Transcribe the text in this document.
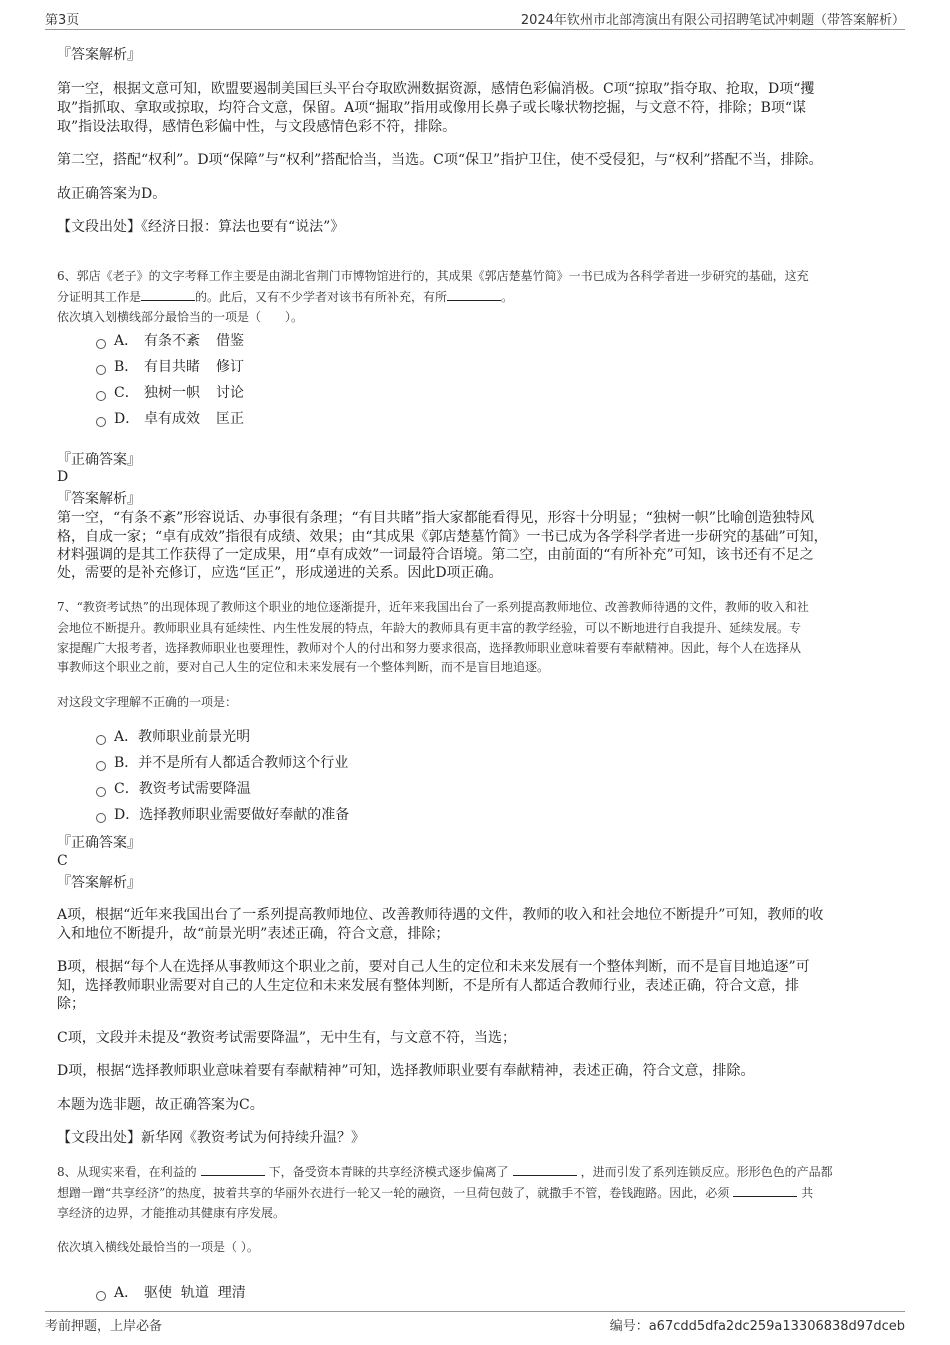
第3页	2024年钦州市北部湾演出有限公司招聘笔试冲刺题（带答案解析）
『答案解析』
第一空，根据文意可知，欧盟要遏制美国巨头平台夺取欧洲数据资源，感情色彩偏消极。C项“掠取”指夺取、抢取，D项“攫
取”指抓取、拿取或掠取，均符合文意，保留。A项“掘取”指用或像用长鼻子或长喙状物挖掘，与文意不符，排除；B项“谋
取”指设法取得，感情色彩偏中性，与文段感情色彩不符，排除。
第二空，搭配“权利”。D项“保障”与“权利”搭配恰当，当选。C项“保卫”指护卫住，使不受侵犯，与“权利”搭配不当，排除。
故正确答案为D。
【文段出处】《经济日报：算法也要有“说法”》
6、郭店《老子》的文字考释工作主要是由湖北省荆门市博物馆进行的，其成果《郭店楚墓竹简》一书已成为各科学者进一步研究的基础，这充
分证明其工作是	的。此后，又有不少学者对该书有所补充，有所	。
依次填入划横线部分最恰当的一项是（　　）。
A． 有条不紊 借鉴
B． 有目共睹 修订
C． 独树一帜 讨论
D． 卓有成效 匡正
『正确答案』
D
『答案解析』
第一空，“有条不紊”形容说话、办事很有条理；“有目共睹”指大家都能看得见，形容十分明显；“独树一帜”比喻创造独特风
格，自成一家；“卓有成效”指很有成绩、效果；由“其成果《郭店楚墓竹简》一书已成为各学科学者进一步研究的基础”可知，
材料强调的是其工作获得了一定成果，用“卓有成效”一词最符合语境。第二空，由前面的“有所补充”可知，该书还有不足之
处，需要的是补充修订，应选“匡正”，形成递进的关系。因此D项正确。
7、“教资考试热”的出现体现了教师这个职业的地位逐渐提升，近年来我国出台了一系列提高教师地位、改善教师待遇的文件，教师的收入和社
会地位不断提升。教师职业具有延续性、内生性发展的特点，年龄大的教师具有更丰富的教学经验，可以不断地进行自我提升、延续发展。专
家提醒广大报考者，选择教师职业也要理性，教师对个人的付出和努力要求很高，选择教师职业意味着要有奉献精神。因此，每个人在选择从
事教师这个职业之前，要对自己人生的定位和未来发展有一个整体判断，而不是盲目地追逐。
对这段文字理解不正确的一项是：
A． 教师职业前景光明
B． 并不是所有人都适合教师这个行业
C． 教资考试需要降温
D． 选择教师职业需要做好奉献的准备
『正确答案』
C
『答案解析』
A项，根据“近年来我国出台了一系列提高教师地位、改善教师待遇的文件，教师的收入和社会地位不断提升”可知，教师的收
入和地位不断提升，故“前景光明”表述正确，符合文意，排除；
B项，根据“每个人在选择从事教师这个职业之前，要对自己人生的定位和未来发展有一个整体判断，而不是盲目地追逐”可
知，选择教师职业需要对自己的人生定位和未来发展有整体判断，不是所有人都适合教师行业，表述正确，符合文意，排
除；
C项，文段并未提及“教资考试需要降温”，无中生有，与文意不符，当选；
D项，根据“选择教师职业意味着要有奉献精神”可知，选择教师职业要有奉献精神，表述正确，符合文意，排除。
本题为选非题，故正确答案为C。
【文段出处】新华网《教资考试为何持续升温？》
8、从现实来看，在利益的	下，备受资本青睐的共享经济模式逐步偏离了	，进而引发了系列连锁反应。形形色色的产品都
想蹭一蹭“共享经济”的热度，披着共享的华丽外衣进行一轮又一轮的融资，一旦荷包鼓了，就撒手不管，卷钱跑路。因此，必须	共
享经济的边界，才能推动其健康有序发展。
依次填入横线处最恰当的一项是（ ）。
A． 驱使  轨道  理清
考前押题，上岸必备	编号：a67cdd5dfa2dc259a13306838d97dceb
